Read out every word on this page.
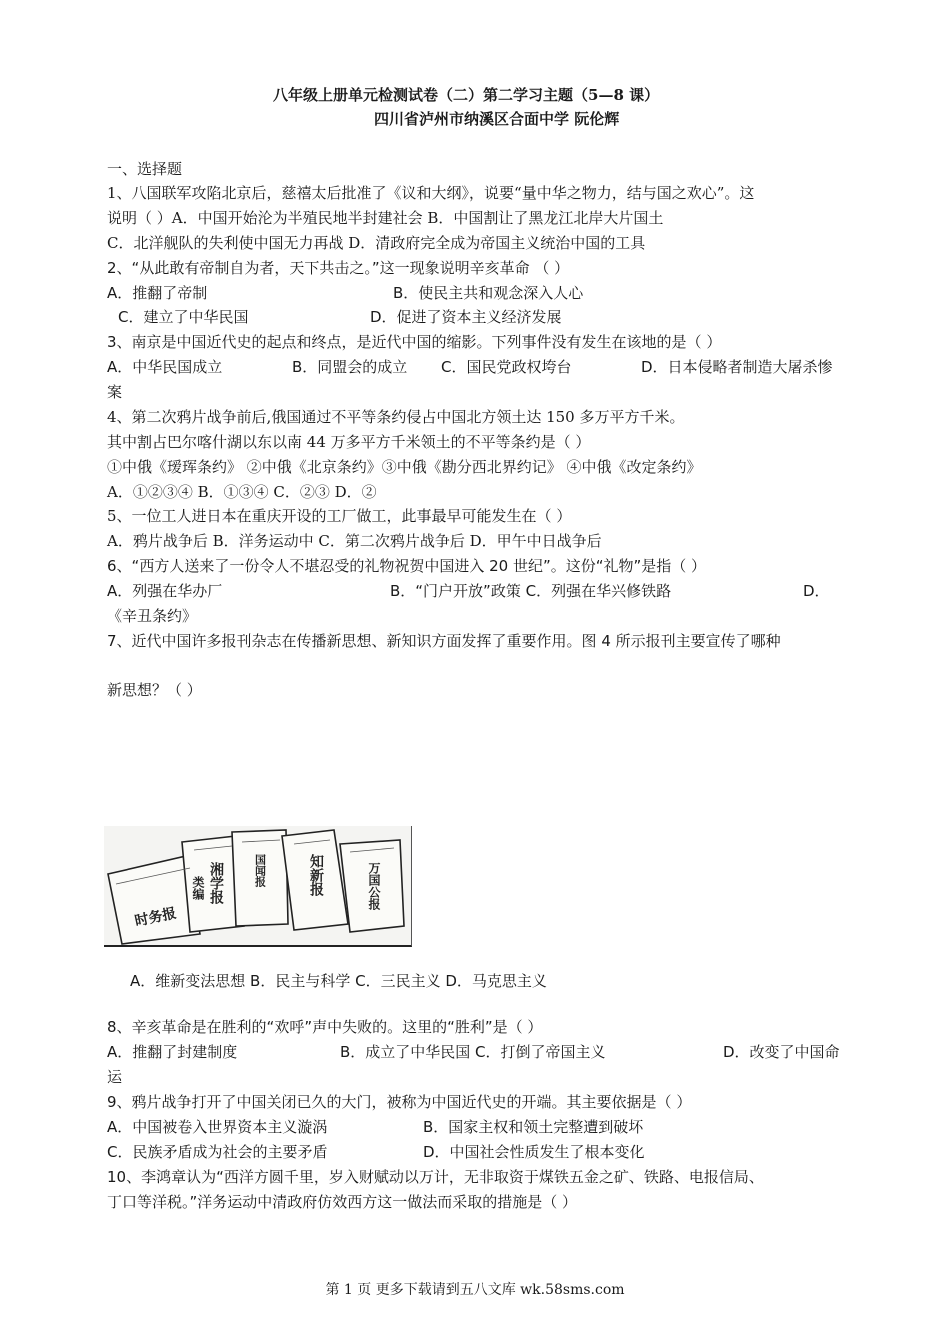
八年级上册单元检测试卷（二）第二学习主题（5—8 课）
四川省泸州市纳溪区合面中学 阮伦辉
一、选择题
1、八国联军攻陷北京后，慈禧太后批准了《议和大纲》，说要“量中华之物力，结与国之欢心”。这
说明（ ）A．中国开始沦为半殖民地半封建社会 B．中国割让了黑龙江北岸大片国土
C．北洋舰队的失利使中国无力再战 D．清政府完全成为帝国主义统治中国的工具
2、“从此敢有帝制自为者，天下共击之。”这一现象说明辛亥革命 （ ）
A．推翻了帝制	B．使民主共和观念深入人心
C．建立了中华民国	D．促进了资本主义经济发展
3、南京是中国近代史的起点和终点，是近代中国的缩影。下列事件没有发生在该地的是（ ）
A．中华民国成立	B．同盟会的成立 C．国民党政权垮台	D．日本侵略者制造大屠杀惨
案
4、第二次鸦片战争前后,俄国通过不平等条约侵占中国北方领土达 150 多万平方千米。
其中割占巴尔喀什湖以东以南 44 万多平方千米领土的不平等条约是（ ）
①中俄《瑷珲条约》 ②中俄《北京条约》③中俄《勘分西北界约记》 ④中俄《改定条约》
A．①②③④ B．①③④ C．②③ D．②
5、一位工人进日本在重庆开设的工厂做工，此事最早可能发生在（ ）
A．鸦片战争后 B．洋务运动中 C．第二次鸦片战争后 D．甲午中日战争后
6、“西方人送来了一份令人不堪忍受的礼物祝贺中国进入 20 世纪”。这份“礼物”是指（ ）
A．列强在华办厂	B．“门户开放”政策 C．列强在华兴修铁路	D．
《辛丑条约》
7、近代中国许多报刊杂志在传播新思想、新知识方面发挥了重要作用。图 4 所示报刊主要宣传了哪种
新思想？（ ）
时务报
湘学报
类编
国闻报	知新报	万国公报
A．维新变法思想 B．民主与科学 C．三民主义 D．马克思主义
8、辛亥革命是在胜利的“欢呼”声中失败的。这里的“胜利”是（ ）
A．推翻了封建制度	B．成立了中华民国 C．打倒了帝国主义	D．改变了中国命
运
9、鸦片战争打开了中国关闭已久的大门，被称为中国近代史的开端。其主要依据是（ ）
A．中国被卷入世界资本主义漩涡	B．国家主权和领土完整遭到破坏
C．民族矛盾成为社会的主要矛盾	D．中国社会性质发生了根本变化
10、李鸿章认为“西洋方圆千里，岁入财赋动以万计，无非取资于煤铁五金之矿、铁路、电报信局、
丁口等洋税。”洋务运动中清政府仿效西方这一做法而采取的措施是（ ）
第 1 页 更多下载请到五八文库 wk.58sms.com
